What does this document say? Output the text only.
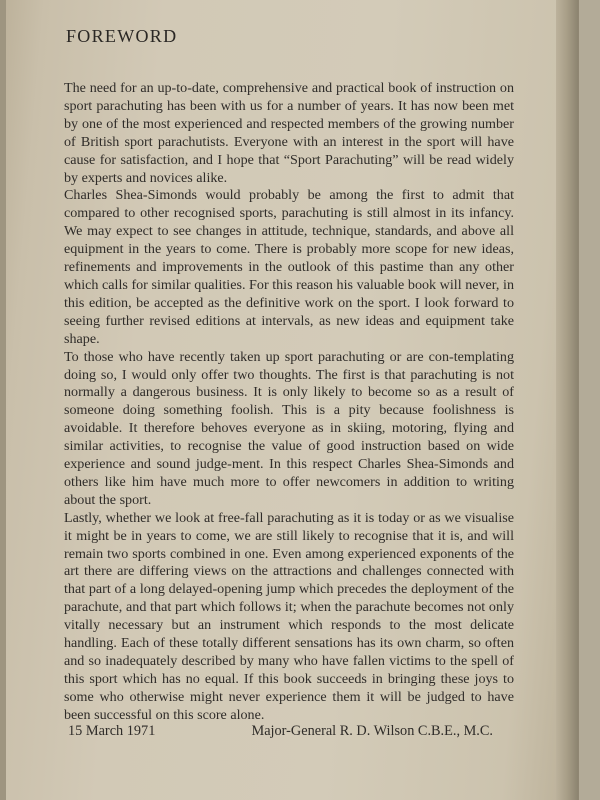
FOREWORD

The need for an up-to-date, comprehensive and practical book of instruction on sport parachuting has been with us for a number of years. It has now been met by one of the most experienced and respected members of the growing number of British sport parachutists. Everyone with an interest in the sport will have cause for satisfaction, and I hope that “Sport Parachuting” will be read widely by experts and novices alike.

Charles Shea-Simonds would probably be among the first to admit that compared to other recognised sports, parachuting is still almost in its infancy. We may expect to see changes in attitude, technique, standards, and above all equipment in the years to come. There is probably more scope for new ideas, refinements and improvements in the outlook of this pastime than any other which calls for similar qualities. For this reason his valuable book will never, in this edition, be accepted as the definitive work on the sport. I look forward to seeing further revised editions at intervals, as new ideas and equipment take shape.

To those who have recently taken up sport parachuting or are con-templating doing so, I would only offer two thoughts. The first is that parachuting is not normally a dangerous business. It is only likely to become so as a result of someone doing something foolish. This is a pity because foolishness is avoidable. It therefore behoves everyone as in skiing, motoring, flying and similar activities, to recognise the value of good instruction based on wide experience and sound judge-ment. In this respect Charles Shea-Simonds and others like him have much more to offer newcomers in addition to writing about the sport.

Lastly, whether we look at free-fall parachuting as it is today or as we visualise it might be in years to come, we are still likely to recognise that it is, and will remain two sports combined in one. Even among experienced exponents of the art there are differing views on the attractions and challenges connected with that part of a long delayed-opening jump which precedes the deployment of the parachute, and that part which follows it; when the parachute becomes not only vitally necessary but an instrument which responds to the most delicate handling. Each of these totally different sensations has its own charm, so often and so inadequately described by many who have fallen victims to the spell of this sport which has no equal. If this book succeeds in bringing these joys to some who otherwise might never experience them it will be judged to have been successful on this score alone.

15 March 1971	Major-General R. D. Wilson C.B.E., M.C.
